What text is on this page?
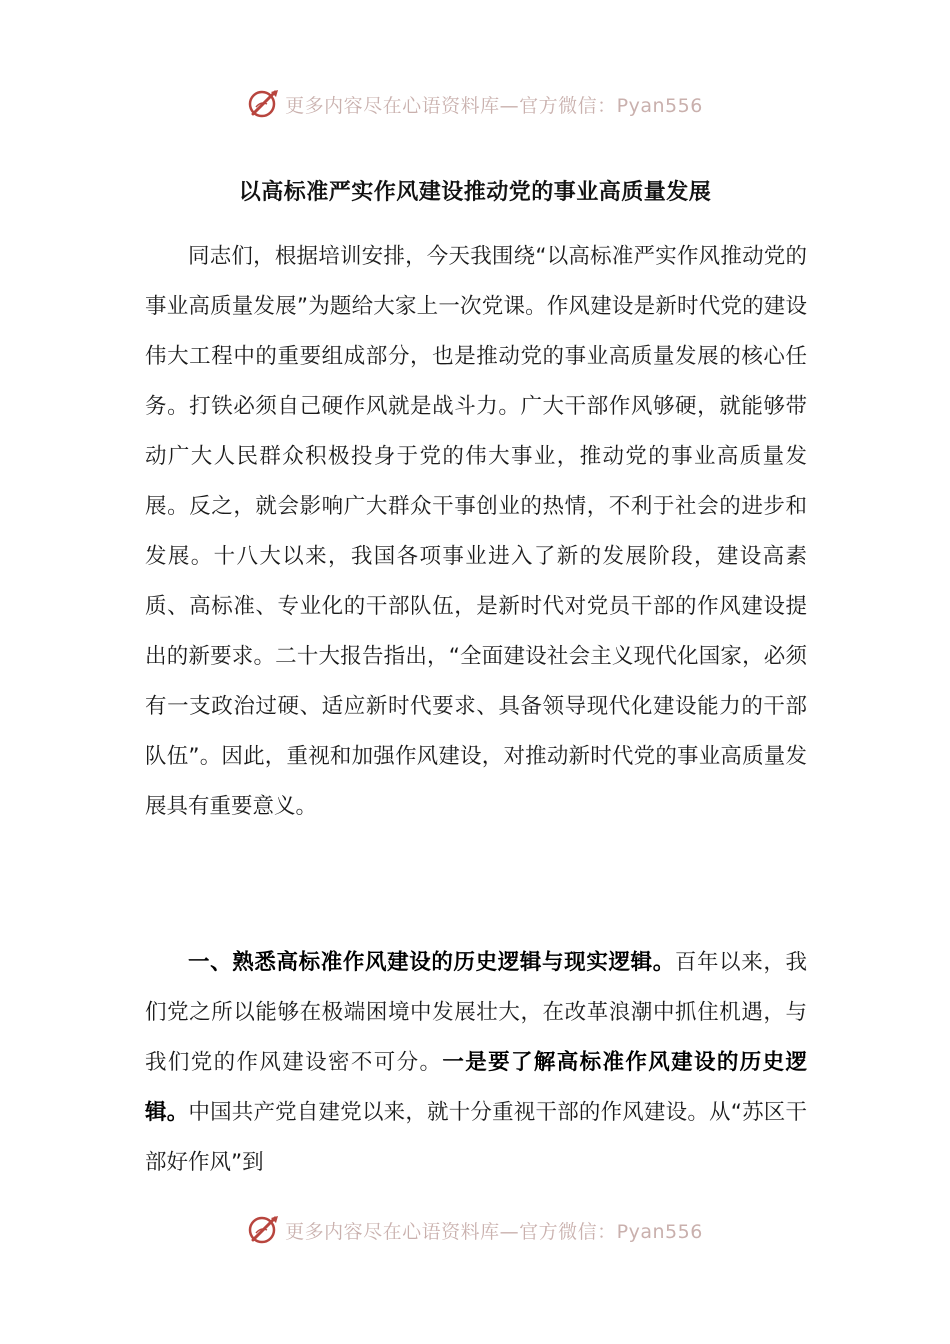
更多内容尽在心语资料库—官方微信：Pyan556
以高标准严实作风建设推动党的事业高质量发展

同志们，根据培训安排，今天我围绕“以高标准严实作风推动党的事业高质量发展”为题给大家上一次党课。作风建设是新时代党的建设伟大工程中的重要组成部分，也是推动党的事业高质量发展的核心任务。打铁必须自己硬作风就是战斗力。广大干部作风够硬，就能够带动广大人民群众积极投身于党的伟大事业，推动党的事业高质量发展。反之，就会影响广大群众干事创业的热情，不利于社会的进步和发展。十八大以来，我国各项事业进入了新的发展阶段，建设高素质、高标准、专业化的干部队伍，是新时代对党员干部的作风建设提出的新要求。二十大报告指出，“全面建设社会主义现代化国家，必须有一支政治过硬、适应新时代要求、具备领导现代化建设能力的干部队伍”。因此，重视和加强作风建设，对推动新时代党的事业高质量发展具有重要意义。

一、熟悉高标准作风建设的历史逻辑与现实逻辑。百年以来，我们党之所以能够在极端困境中发展壮大，在改革浪潮中抓住机遇，与我们党的作风建设密不可分。一是要了解高标准作风建设的历史逻辑。中国共产党自建党以来，就十分重视干部的作风建设。从“苏区干部好作风”到

更多内容尽在心语资料库—官方微信：Pyan556
